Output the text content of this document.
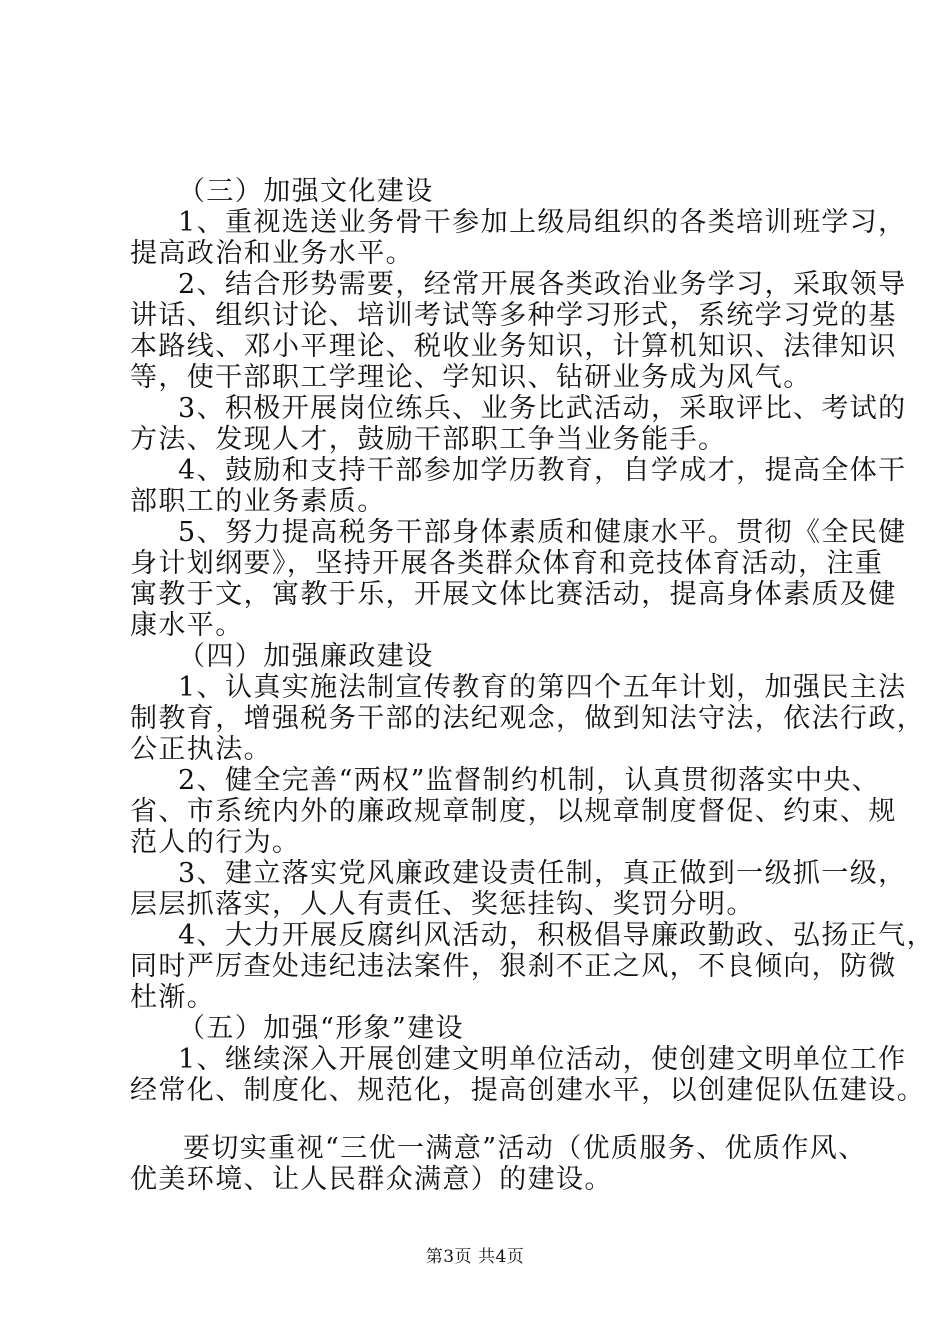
（三）加强文化建设
1、重视选送业务骨干参加上级局组织的各类培训班学习，
提高政治和业务水平。
2、结合形势需要，经常开展各类政治业务学习，采取领导
讲话、组织讨论、培训考试等多种学习形式，系统学习党的基
本路线、邓小平理论、税收业务知识，计算机知识、法律知识
等，使干部职工学理论、学知识、钻研业务成为风气。
3、积极开展岗位练兵、业务比武活动，采取评比、考试的
方法、发现人才，鼓励干部职工争当业务能手。
4、鼓励和支持干部参加学历教育，自学成才，提高全体干
部职工的业务素质。
5、努力提高税务干部身体素质和健康水平。贯彻《全民健
身计划纲要》，坚持开展各类群众体育和竞技体育活动，注重
寓教于文，寓教于乐，开展文体比赛活动，提高身体素质及健
康水平。
（四）加强廉政建设
1、认真实施法制宣传教育的第四个五年计划，加强民主法
制教育，增强税务干部的法纪观念，做到知法守法，依法行政，
公正执法。
2、健全完善“两权”监督制约机制，认真贯彻落实中央、
省、市系统内外的廉政规章制度，以规章制度督促、约束、规
范人的行为。
3、建立落实党风廉政建设责任制，真正做到一级抓一级，
层层抓落实，人人有责任、奖惩挂钩、奖罚分明。
4、大力开展反腐纠风活动，积极倡导廉政勤政、弘扬正气，
同时严厉查处违纪违法案件，狠刹不正之风，不良倾向，防微
杜渐。
（五）加强“形象”建设
1、继续深入开展创建文明单位活动，使创建文明单位工作
经常化、制度化、规范化，提高创建水平，以创建促队伍建设。
要切实重视“三优一满意”活动（优质服务、优质作风、
优美环境、让人民群众满意）的建设。
第3页 共4页
